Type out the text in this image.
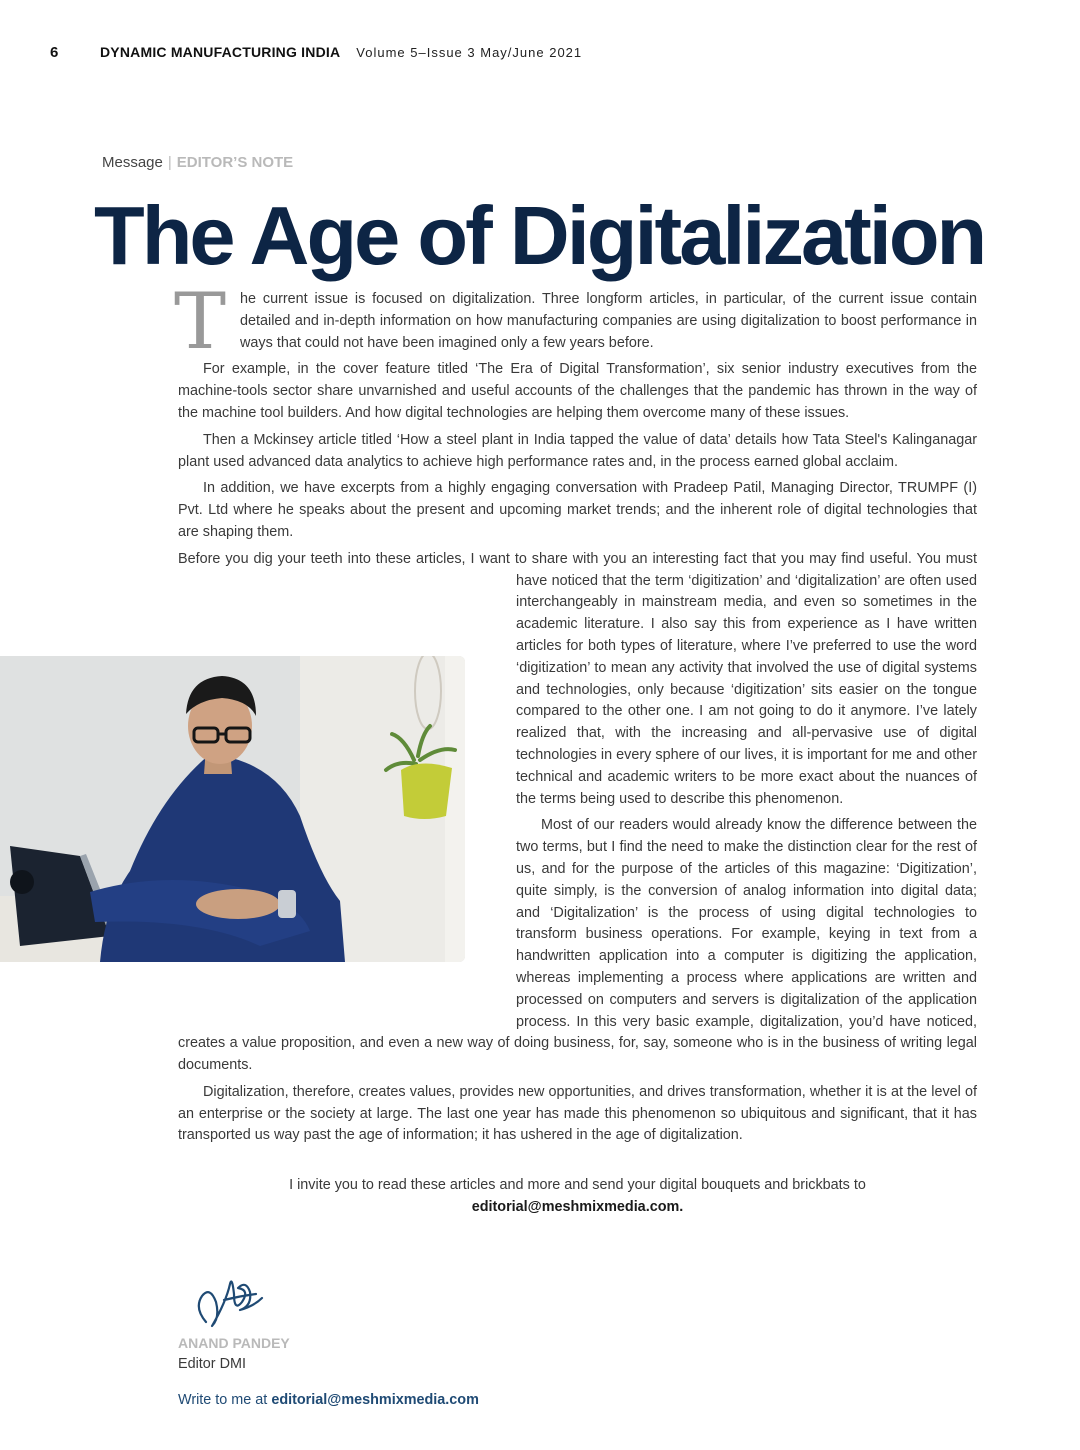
6	DYNAMIC MANUFACTURING INDIA Volume 5–Issue 3 May/June 2021
Message | EDITOR’S NOTE
The Age of Digitalization

The current issue is focused on digitalization. Three longform articles, in particular, of the current issue contain detailed and in-depth information on how manufacturing companies are using digitalization to boost performance in ways that could not have been imagined only a few years before.

For example, in the cover feature titled ‘The Era of Digital Transformation’, six senior industry executives from the machine-tools sector share unvarnished and useful accounts of the challenges that the pandemic has thrown in the way of the machine tool builders. And how digital technologies are helping them overcome many of these issues.

Then a Mckinsey article titled ‘How a steel plant in India tapped the value of data’ details how Tata Steel's Kalinganagar plant used advanced data analytics to achieve high performance rates and, in the process earned global acclaim.

In addition, we have excerpts from a highly engaging conversation with Pradeep Patil, Managing Director, TRUMPF (I) Pvt. Ltd where he speaks about the present and upcoming market trends; and the inherent role of digital technologies that are shaping them.

Before you dig your teeth into these articles, I want to share with you an interesting fact that you may find useful. You must have noticed that the term ‘digitization’
and ‘digitalization’ are often used interchangeably in mainstream media, and even so sometimes in the academic literature. I also say this from experience as I have written articles for both types of literature, where I’ve preferred to use the word ‘digitization’ to mean any activity that involved the use of digital systems and technologies, only because ‘digitization’ sits easier on the tongue compared to the other one. I am not going to do it anymore. I’ve lately realized that, with the increasing and all-pervasive use of digital technologies in every sphere of our lives, it is important for me and other technical and academic writers to be more exact about the nuances of the terms being used to describe this phenomenon.

Most of our readers would already know the difference between the two terms, but I find the need to make the distinction clear for the rest of us, and for the purpose of the articles of this magazine: ‘Digitization’, quite simply, is the conversion of analog information into digital data; and ‘Digitalization’ is the process of using digital technologies to transform business operations. For example, keying in text from a handwritten application into a computer is digitizing the application, whereas implementing a process where applications are written and processed on computers and servers is digitalization of the application process. In this very basic example, digitalization, you’d have noticed, creates a value proposition, and even a new way of doing business, for, say, someone who is in the business of writing legal documents.

Digitalization, therefore, creates values, provides new opportunities, and drives transformation, whether it is at the level of an enterprise or the society at large. The last one year has made this phenomenon so ubiquitous and significant, that it has transported us way past the age of information; it has ushered in the age of digitalization.

I invite you to read these articles and more and send your digital bouquets and brickbats to
editorial@meshmixmedia.com.
ANAND PANDEY
Editor DMI
Write to me at editorial@meshmixmedia.com
